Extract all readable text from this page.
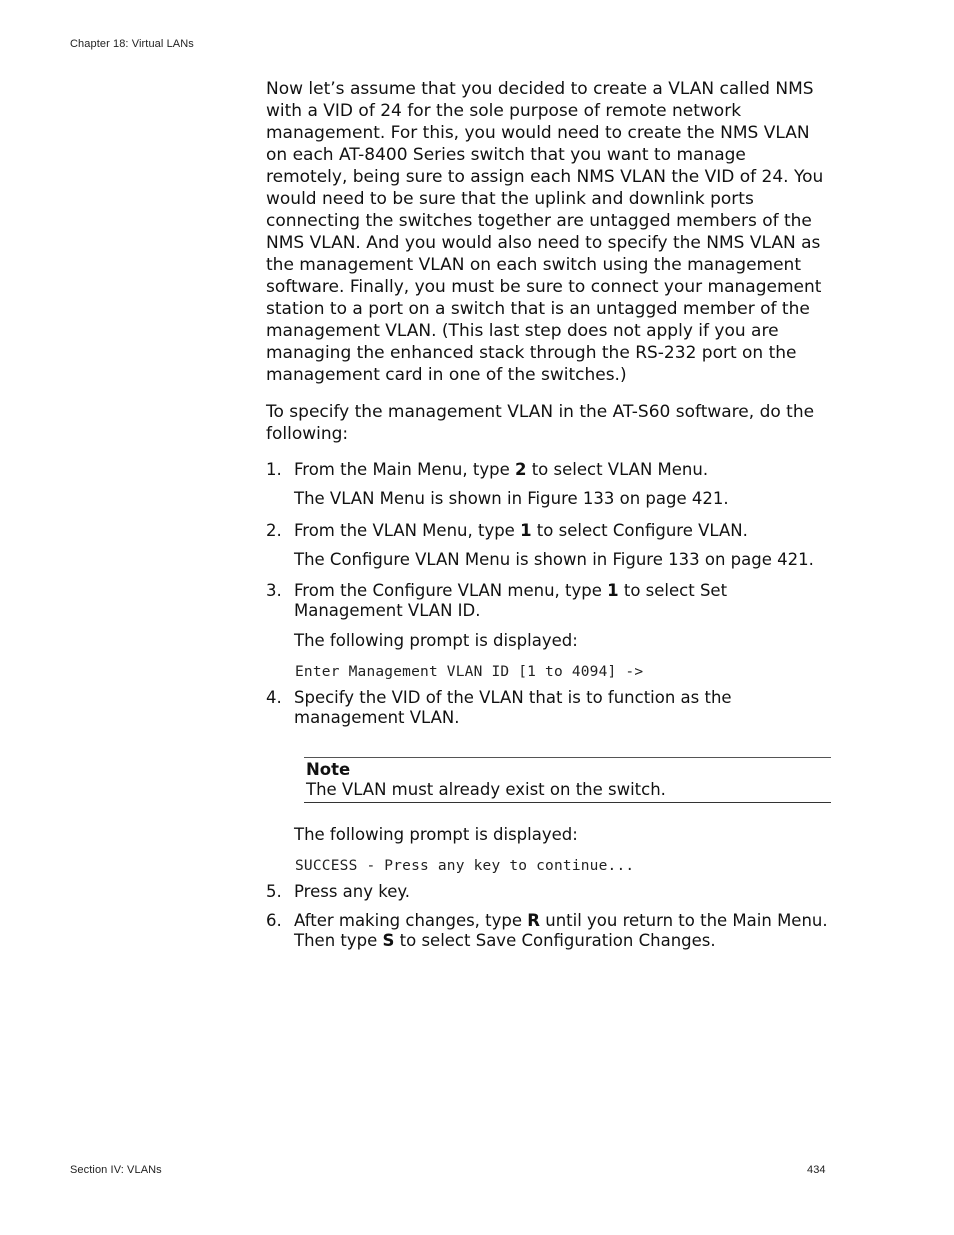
Chapter 18: Virtual LANs

Now let’s assume that you decided to create a VLAN called NMS with a VID of 24 for the sole purpose of remote network management. For this, you would need to create the NMS VLAN on each AT-8400 Series switch that you want to manage remotely, being sure to assign each NMS VLAN the VID of 24. You would need to be sure that the uplink and downlink ports connecting the switches together are untagged members of the NMS VLAN. And you would also need to specify the NMS VLAN as the management VLAN on each switch using the management software. Finally, you must be sure to connect your management station to a port on a switch that is an untagged member of the management VLAN. (This last step does not apply if you are managing the enhanced stack through the RS-232 port on the management card in one of the switches.)

To specify the management VLAN in the AT-S60 software, do the following:

1. From the Main Menu, type 2 to select VLAN Menu.
The VLAN Menu is shown in Figure 133 on page 421.
2. From the VLAN Menu, type 1 to select Configure VLAN.
The Configure VLAN Menu is shown in Figure 133 on page 421.
3. From the Configure VLAN menu, type 1 to select Set Management VLAN ID.
The following prompt is displayed:
Enter Management VLAN ID [1 to 4094] ->
4. Specify the VID of the VLAN that is to function as the management VLAN.
Note
The VLAN must already exist on the switch.
The following prompt is displayed:
SUCCESS - Press any key to continue...
5. Press any key.
6. After making changes, type R until you return to the Main Menu. Then type S to select Save Configuration Changes.
Section IV: VLANs	434
